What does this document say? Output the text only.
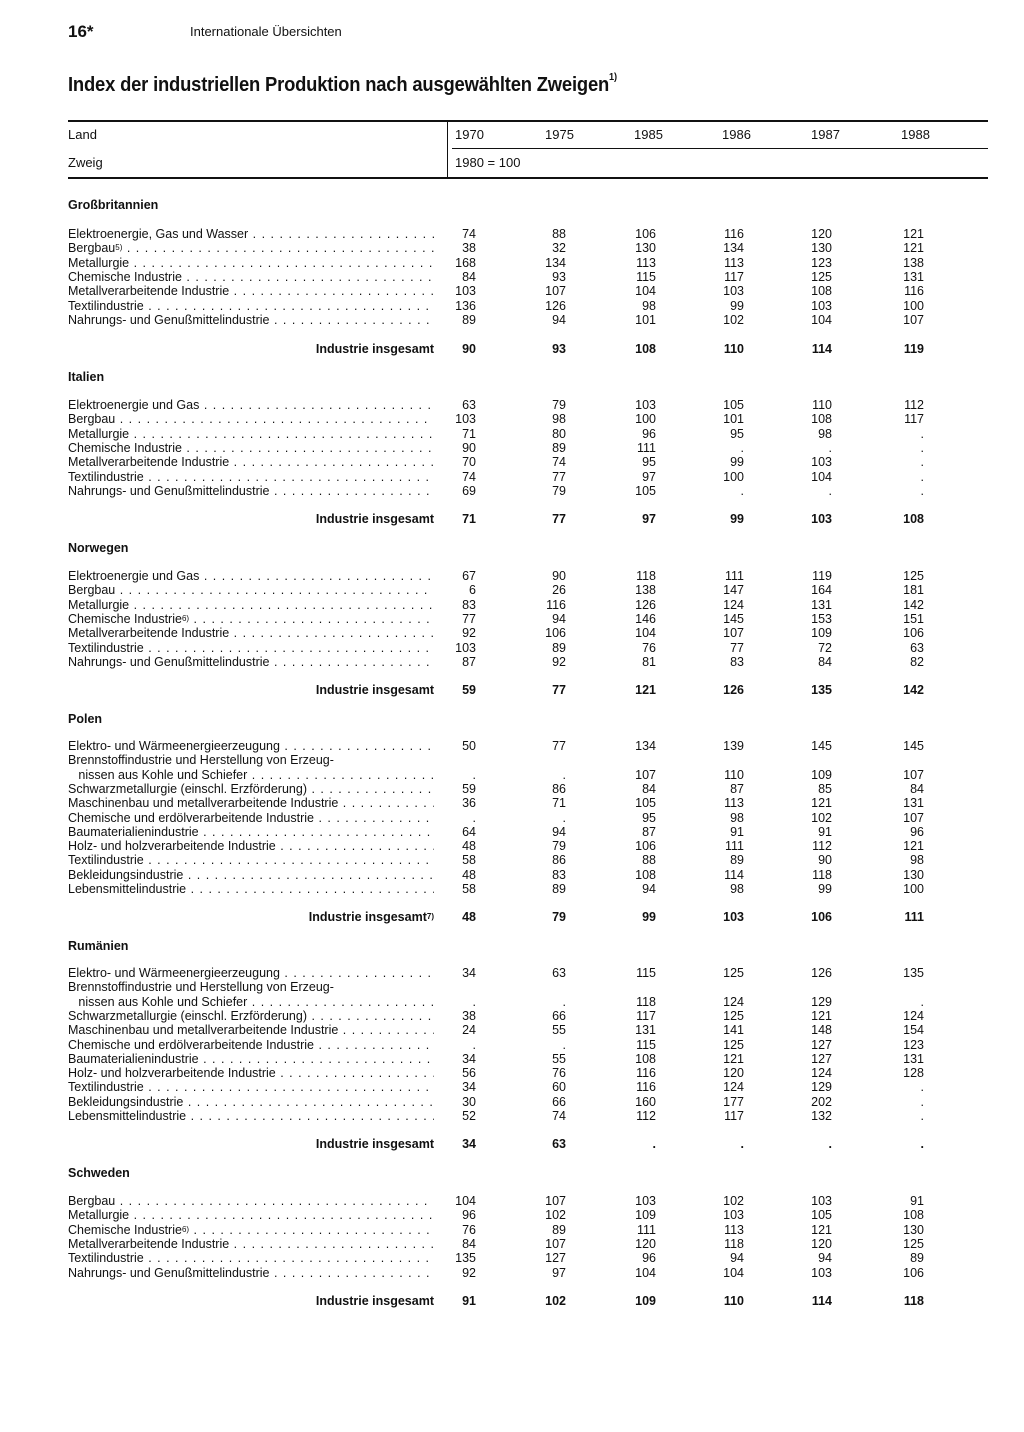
16*	Internationale Übersichten
Index der industriellen Produktion nach ausgewählten Zweigen$^{1)}$
Land
Zweig	1980 = 100
1970	1975	1985	1986	1987	1988
Großbritannien
Elektroenergie, Gas und Wasser . . .	74	88	106	116	120	121
Bergbau$^{5)}$ . . .	38	32	130	134	130	121
Metallurgie . . .	168	134	113	113	123	138
Chemische Industrie . . .	84	93	115	117	125	131
Metallverarbeitende Industrie . . .	103	107	104	103	108	116
Textilindustrie . . .	136	126	98	99	103	100
Nahrungs- und Genußmittelindustrie . . .	89	94	101	102	104	107
Industrie insgesamt	90	93	108	110	114	119
Italien
Elektroenergie und Gas . . .	63	79	103	105	110	112
Bergbau . . .	103	98	100	101	108	117
Metallurgie . . .	71	80	96	95	98	.
Chemische Industrie . . .	90	89	111	.	.	.
Metallverarbeitende Industrie . . .	70	74	95	99	103	.
Textilindustrie . . .	74	77	97	100	104	.
Nahrungs- und Genußmittelindustrie . . .	69	79	105	.	.	.
Industrie insgesamt	71	77	97	99	103	108
Norwegen
Elektroenergie und Gas . . .	67	90	118	111	119	125
Bergbau . . .	6	26	138	147	164	181
Metallurgie . . .	83	116	126	124	131	142
Chemische Industrie$^{6)}$ . . .	77	94	146	145	153	151
Metallverarbeitende Industrie . . .	92	106	104	107	109	106
Textilindustrie . . .	103	89	76	77	72	63
Nahrungs- und Genußmittelindustrie . . .	87	92	81	83	84	82
Industrie insgesamt	59	77	121	126	135	142
Polen
Elektro- und Wärmeenergieerzeugung . . .	50	77	134	139	145	145
Brennstoffindustrie und Herstellung von Erzeug-
nissen aus Kohle und Schiefer . . .	.	.	107	110	109	107
Schwarzmetallurgie (einschl. Erzförderung) . . .	59	86	84	87	85	84
Maschinenbau und metallverarbeitende Industrie . . .	36	71	105	113	121	131
Chemische und erdölverarbeitende Industrie . . .	.	.	95	98	102	107
Baumaterialienindustrie . . .	64	94	87	91	91	96
Holz- und holzverarbeitende Industrie . . .	48	79	106	111	112	121
Textilindustrie . . .	58	86	88	89	90	98
Bekleidungsindustrie . . .	48	83	108	114	118	130
Lebensmittelindustrie . . .	58	89	94	98	99	100
Industrie insgesamt$^{7)}$	48	79	99	103	106	111
Rumänien
Elektro- und Wärmeenergieerzeugung . . .	34	63	115	125	126	135
Brennstoffindustrie und Herstellung von Erzeug-
nissen aus Kohle und Schiefer . . .	.	.	118	124	129	.
Schwarzmetallurgie (einschl. Erzförderung) . . .	38	66	117	125	121	124
Maschinenbau und metallverarbeitende Industrie . . .	24	55	131	141	148	154
Chemische und erdölverarbeitende Industrie . . .	.	.	115	125	127	123
Baumaterialienindustrie . . .	34	55	108	121	127	131
Holz- und holzverarbeitende Industrie . . .	56	76	116	120	124	128
Textilindustrie . . .	34	60	116	124	129	.
Bekleidungsindustrie . . .	30	66	160	177	202	.
Lebensmittelindustrie . . .	52	74	112	117	132	.
Industrie insgesamt	34	63	.	.	.	.
Schweden
Bergbau . . .	104	107	103	102	103	91
Metallurgie . . .	96	102	109	103	105	108
Chemische Industrie$^{6)}$ . . .	76	89	111	113	121	130
Metallverarbeitende Industrie . . .	84	107	120	118	120	125
Textilindustrie . . .	135	127	96	94	94	89
Nahrungs- und Genußmittelindustrie . . .	92	97	104	104	103	106
Industrie insgesamt	91	102	109	110	114	118
